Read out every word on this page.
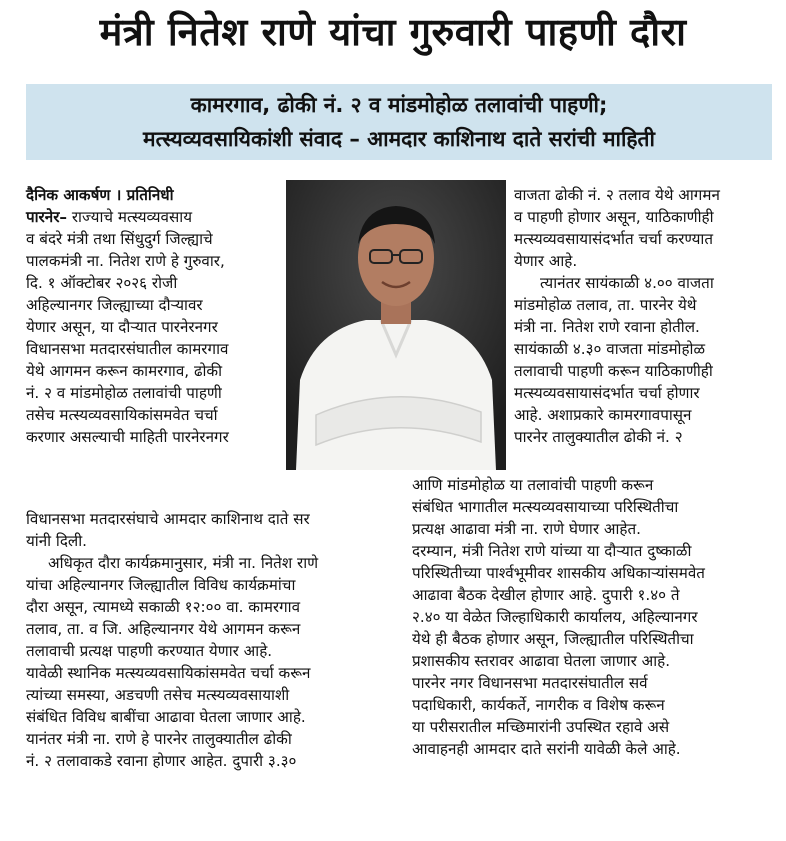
मंत्री नितेश राणे यांचा गुरुवारी पाहणी दौरा
कामरगाव, ढोकी नं. २ व मांडमोहोळ तलावांची पाहणी;
मत्स्यव्यवसायिकांशी संवाद – आमदार काशिनाथ दाते सरांची माहिती
दैनिक आकर्षण । प्रतिनिधी
पारनेर– राज्याचे मत्स्यव्यवसाय
व बंदरे मंत्री तथा सिंधुदुर्ग जिल्ह्याचे
पालकमंत्री ना. नितेश राणे हे गुरुवार,
दि. १ ऑक्टोबर २०२६ रोजी
अहिल्यानगर जिल्ह्याच्या दौऱ्यावर
येणार असून, या दौऱ्यात पारनेरनगर
विधानसभा मतदारसंघातील कामरगाव
येथे आगमन करून कामरगाव, ढोकी
नं. २ व मांडमोहोळ तलावांची पाहणी
तसेच मत्स्यव्यवसायिकांसमवेत चर्चा
करणार असल्याची माहिती पारनेरनगर
वाजता ढोकी नं. २ तलाव येथे आगमन
व पाहणी होणार असून, याठिकाणीही
मत्स्यव्यवसायासंदर्भात चर्चा करण्यात
येणार आहे.
त्यानंतर सायंकाळी ४.०० वाजता
मांडमोहोळ तलाव, ता. पारनेर येथे
मंत्री ना. नितेश राणे रवाना होतील.
सायंकाळी ४.३० वाजता मांडमोहोळ
तलावाची पाहणी करून याठिकाणीही
मत्स्यव्यवसायासंदर्भात चर्चा होणार
आहे. अशाप्रकारे कामरगावपासून
पारनेर तालुक्यातील ढोकी नं. २
विधानसभा मतदारसंघाचे आमदार काशिनाथ दाते सर
यांनी दिली.
अधिकृत दौरा कार्यक्रमानुसार, मंत्री ना. नितेश राणे
यांचा अहिल्यानगर जिल्ह्यातील विविध कार्यक्रमांचा
दौरा असून, त्यामध्ये सकाळी १२:०० वा. कामरगाव
तलाव, ता. व जि. अहिल्यानगर येथे आगमन करून
तलावाची प्रत्यक्ष पाहणी करण्यात येणार आहे.
यावेळी स्थानिक मत्स्यव्यवसायिकांसमवेत चर्चा करून
त्यांच्या समस्या, अडचणी तसेच मत्स्यव्यवसायाशी
संबंधित विविध बाबींचा आढावा घेतला जाणार आहे.
यानंतर मंत्री ना. राणे हे पारनेर तालुक्यातील ढोकी
नं. २ तलावाकडे रवाना होणार आहेत. दुपारी ३.३०
आणि मांडमोहोळ या तलावांची पाहणी करून
संबंधित भागातील मत्स्यव्यवसायाच्या परिस्थितीचा
प्रत्यक्ष आढावा मंत्री ना. राणे घेणार आहेत.
दरम्यान, मंत्री नितेश राणे यांच्या या दौऱ्यात दुष्काळी
परिस्थितीच्या पार्श्वभूमीवर शासकीय अधिकाऱ्यांसमवेत
आढावा बैठक देखील होणार आहे. दुपारी १.४० ते
२.४० या वेळेत जिल्हाधिकारी कार्यालय, अहिल्यानगर
येथे ही बैठक होणार असून, जिल्ह्यातील परिस्थितीचा
प्रशासकीय स्तरावर आढावा घेतला जाणार आहे.
पारनेर नगर विधानसभा मतदारसंघातील सर्व
पदाधिकारी, कार्यकर्ते, नागरीक व विशेष करून
या परीसरातील मच्छिमारांनी उपस्थित रहावे असे
आवाहनही आमदार दाते सरांनी यावेळी केले आहे.
